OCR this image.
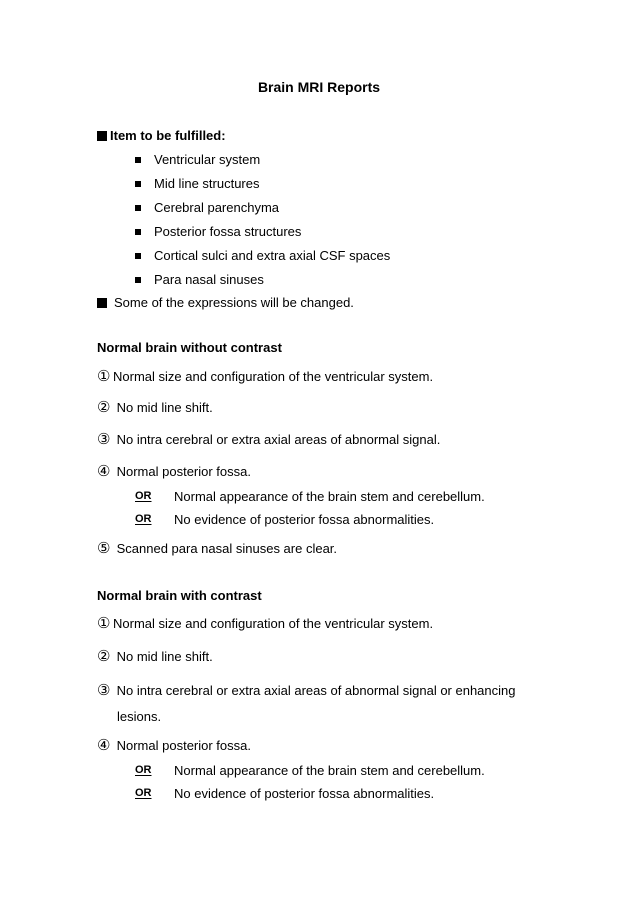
Brain MRI Reports
Item to be fulfilled:
Ventricular system
Mid line structures
Cerebral parenchyma
Posterior fossa structures
Cortical sulci and extra axial CSF spaces
Para nasal sinuses
Some of the expressions will be changed.
Normal brain without contrast
① Normal size and configuration of the ventricular system.
② No mid line shift.
③ No intra cerebral or extra axial areas of abnormal signal.
④ Normal posterior fossa.
OR Normal appearance of the brain stem and cerebellum.
OR No evidence of posterior fossa abnormalities.
⑤ Scanned para nasal sinuses are clear.
Normal brain with contrast
① Normal size and configuration of the ventricular system.
② No mid line shift.
③ No intra cerebral or extra axial areas of abnormal signal or enhancing
lesions.
④ Normal posterior fossa.
OR Normal appearance of the brain stem and cerebellum.
OR No evidence of posterior fossa abnormalities.
